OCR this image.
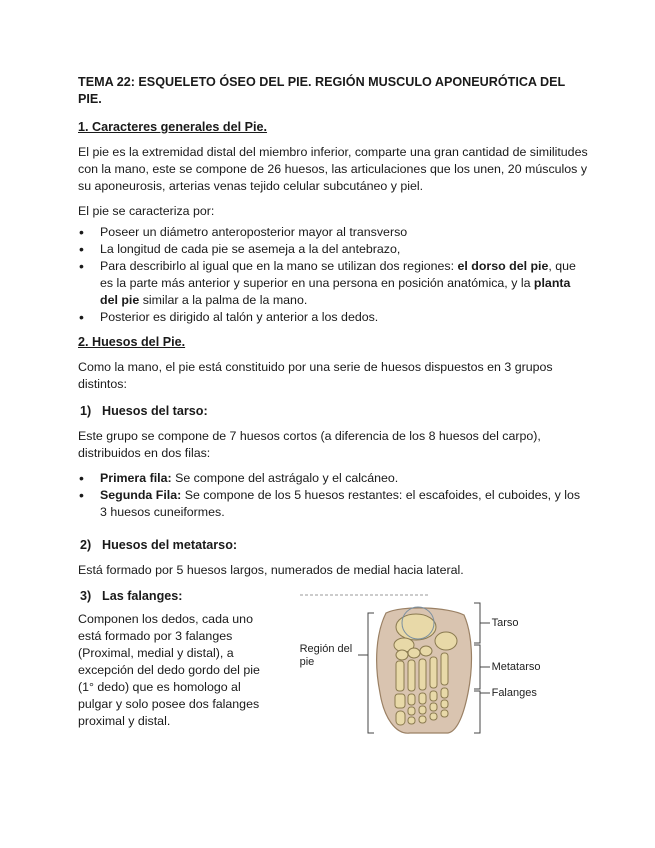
TEMA 22: ESQUELETO ÓSEO DEL PIE. REGIÓN MUSCULO APONEURÓTICA DEL PIE.
1. Caracteres generales del Pie.

El pie es la extremidad distal del miembro inferior, comparte una gran cantidad de similitudes con la mano, este se compone de 26 huesos, las articulaciones que los unen, 20 músculos y su aponeurosis, arterias venas tejido celular subcutáneo y piel.

El pie se caracteriza por:

• Poseer un diámetro anteroposterior mayor al transverso
• La longitud de cada pie se asemeja a la del antebrazo,
• Para describirlo al igual que en la mano se utilizan dos regiones: el dorso del pie, que es la parte más anterior y superior en una persona en posición anatómica, y la planta del pie similar a la palma de la mano.
• Posterior es dirigido al talón y anterior a los dedos.
2. Huesos del Pie.

Como la mano, el pie está constituido por una serie de huesos dispuestos en 3 grupos distintos:

1) Huesos del tarso:

Este grupo se compone de 7 huesos cortos (a diferencia de los 8 huesos del carpo), distribuidos en dos filas:

• Primera fila: Se compone del astrágalo y el calcáneo.
• Segunda Fila: Se compone de los 5 huesos restantes: el escafoides, el cuboides, y los 3 huesos cuneiformes.
2) Huesos del metatarso:

Está formado por 5 huesos largos, numerados de medial hacia lateral.

3) Las falanges:

Componen los dedos, cada uno está formado por 3 falanges (Proximal, medial y distal), a excepción del dedo gordo del pie (1° dedo) que es homologo al pulgar y solo posee dos falanges proximal y distal.

Región del pie
Tarso
Metatarso
Falanges
